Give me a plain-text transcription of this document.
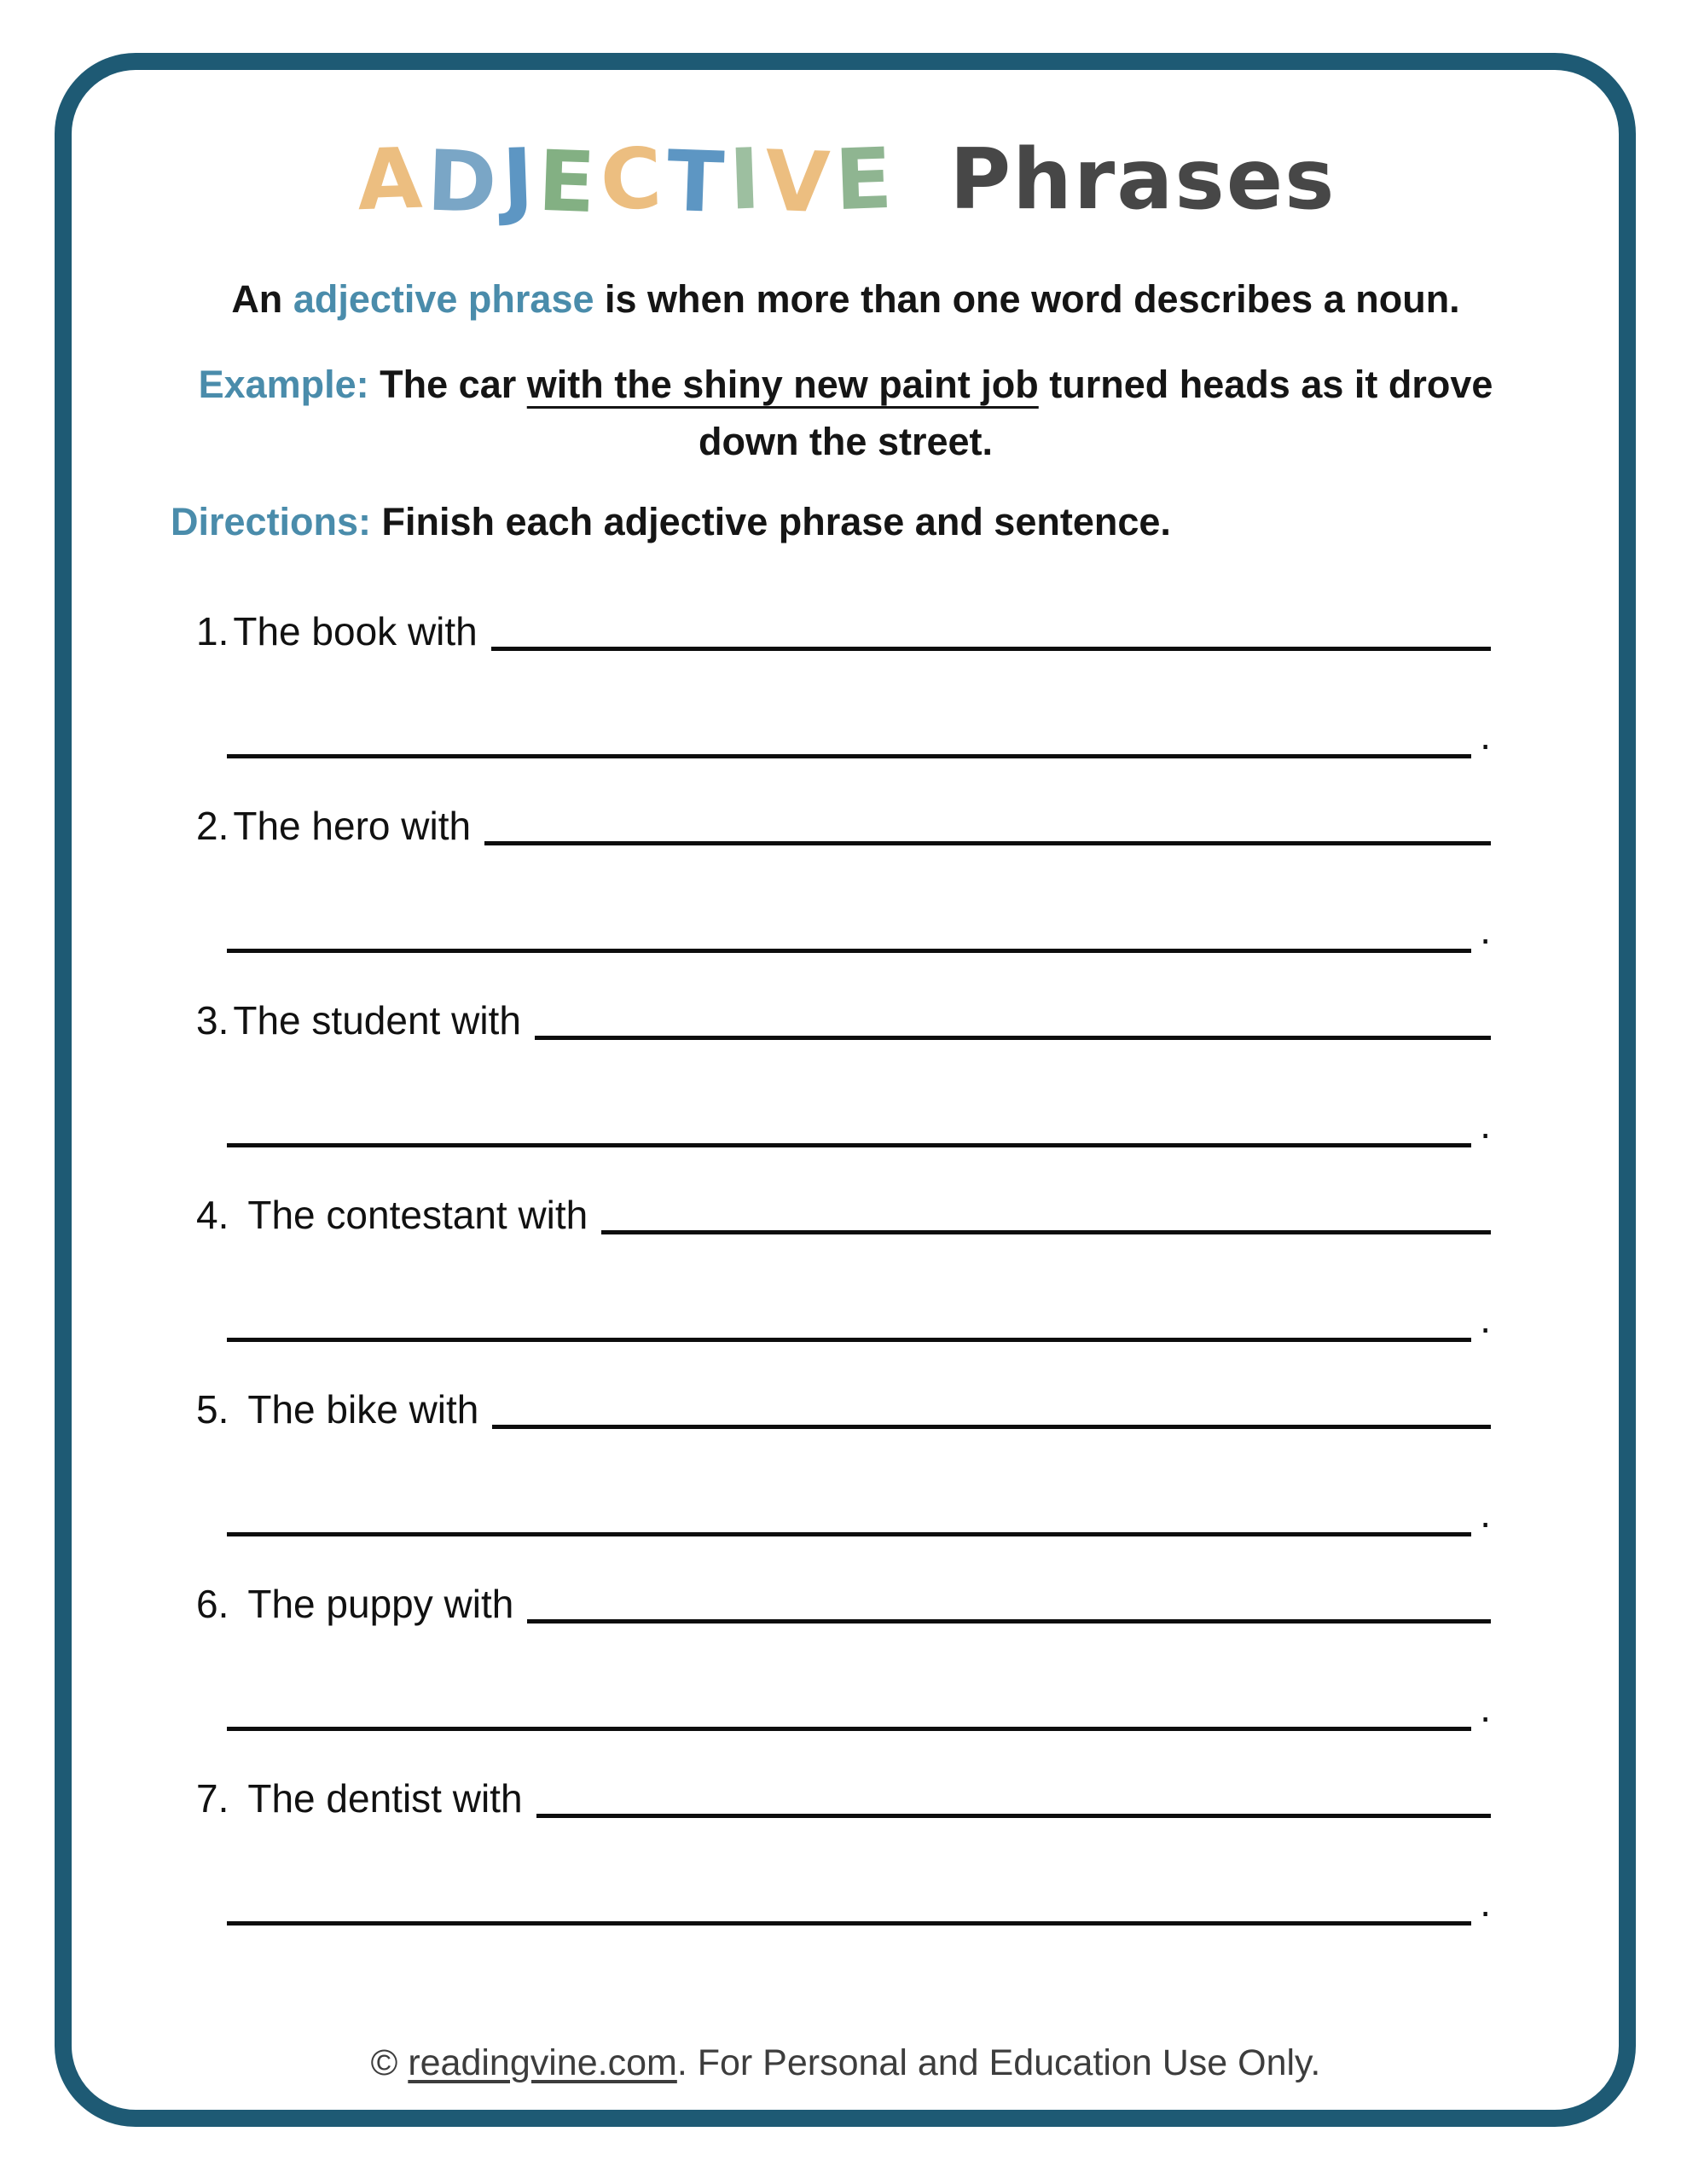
ADJECTIVE Phrases

An adjective phrase is when more than one word describes a noun.

Example: The car with the shiny new paint job turned heads as it drove
down the street.

Directions: Finish each adjective phrase and sentence.

1. The book with
.
2. The hero with
.
3. The student with
.
4. The contestant with
.
5. The bike with
.
6. The puppy with
.
7. The dentist with
.
© readingvine.com. For Personal and Education Use Only.
